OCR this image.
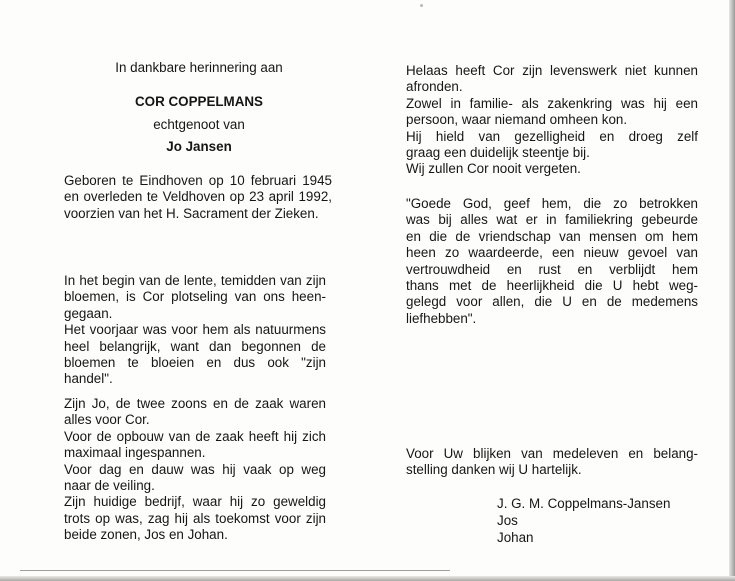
In dankbare herinnering aan
COR COPPELMANS
echtgenoot van
Jo Jansen
Geboren te Eindhoven op 10 februari 1945
en overleden te Veldhoven op 23 april 1992,
voorzien van het H. Sacrament der Zieken.
In het begin van de lente, temidden van zijn
bloemen, is Cor plotseling van ons heen-
gegaan.
Het voorjaar was voor hem als natuurmens
heel belangrijk, want dan begonnen de
bloemen te bloeien en dus ook "zijn handel".
Zijn Jo, de twee zoons en de zaak waren
alles voor Cor.
Voor de opbouw van de zaak heeft hij zich
maximaal ingespannen.
Voor dag en dauw was hij vaak op weg
naar de veiling.
Zijn huidige bedrijf, waar hij zo geweldig
trots op was, zag hij als toekomst voor zijn
beide zonen, Jos en Johan.
Helaas heeft Cor zijn levenswerk niet kunnen
afronden.
Zowel in familie- als zakenkring was hij een
persoon, waar niemand omheen kon.
Hij hield van gezelligheid en droeg zelf
graag een duidelijk steentje bij.
Wij zullen Cor nooit vergeten.
"Goede God, geef hem, die zo betrokken
was bij alles wat er in familiekring gebeurde
en die de vriendschap van mensen om hem
heen zo waardeerde, een nieuw gevoel van
vertrouwdheid en rust en verblijdt hem
thans met de heerlijkheid die U hebt weg-
gelegd voor allen, die U en de medemens
liefhebben".
Voor Uw blijken van medeleven en belang-
stelling danken wij U hartelijk.
J. G. M. Coppelmans-Jansen
Jos
Johan
